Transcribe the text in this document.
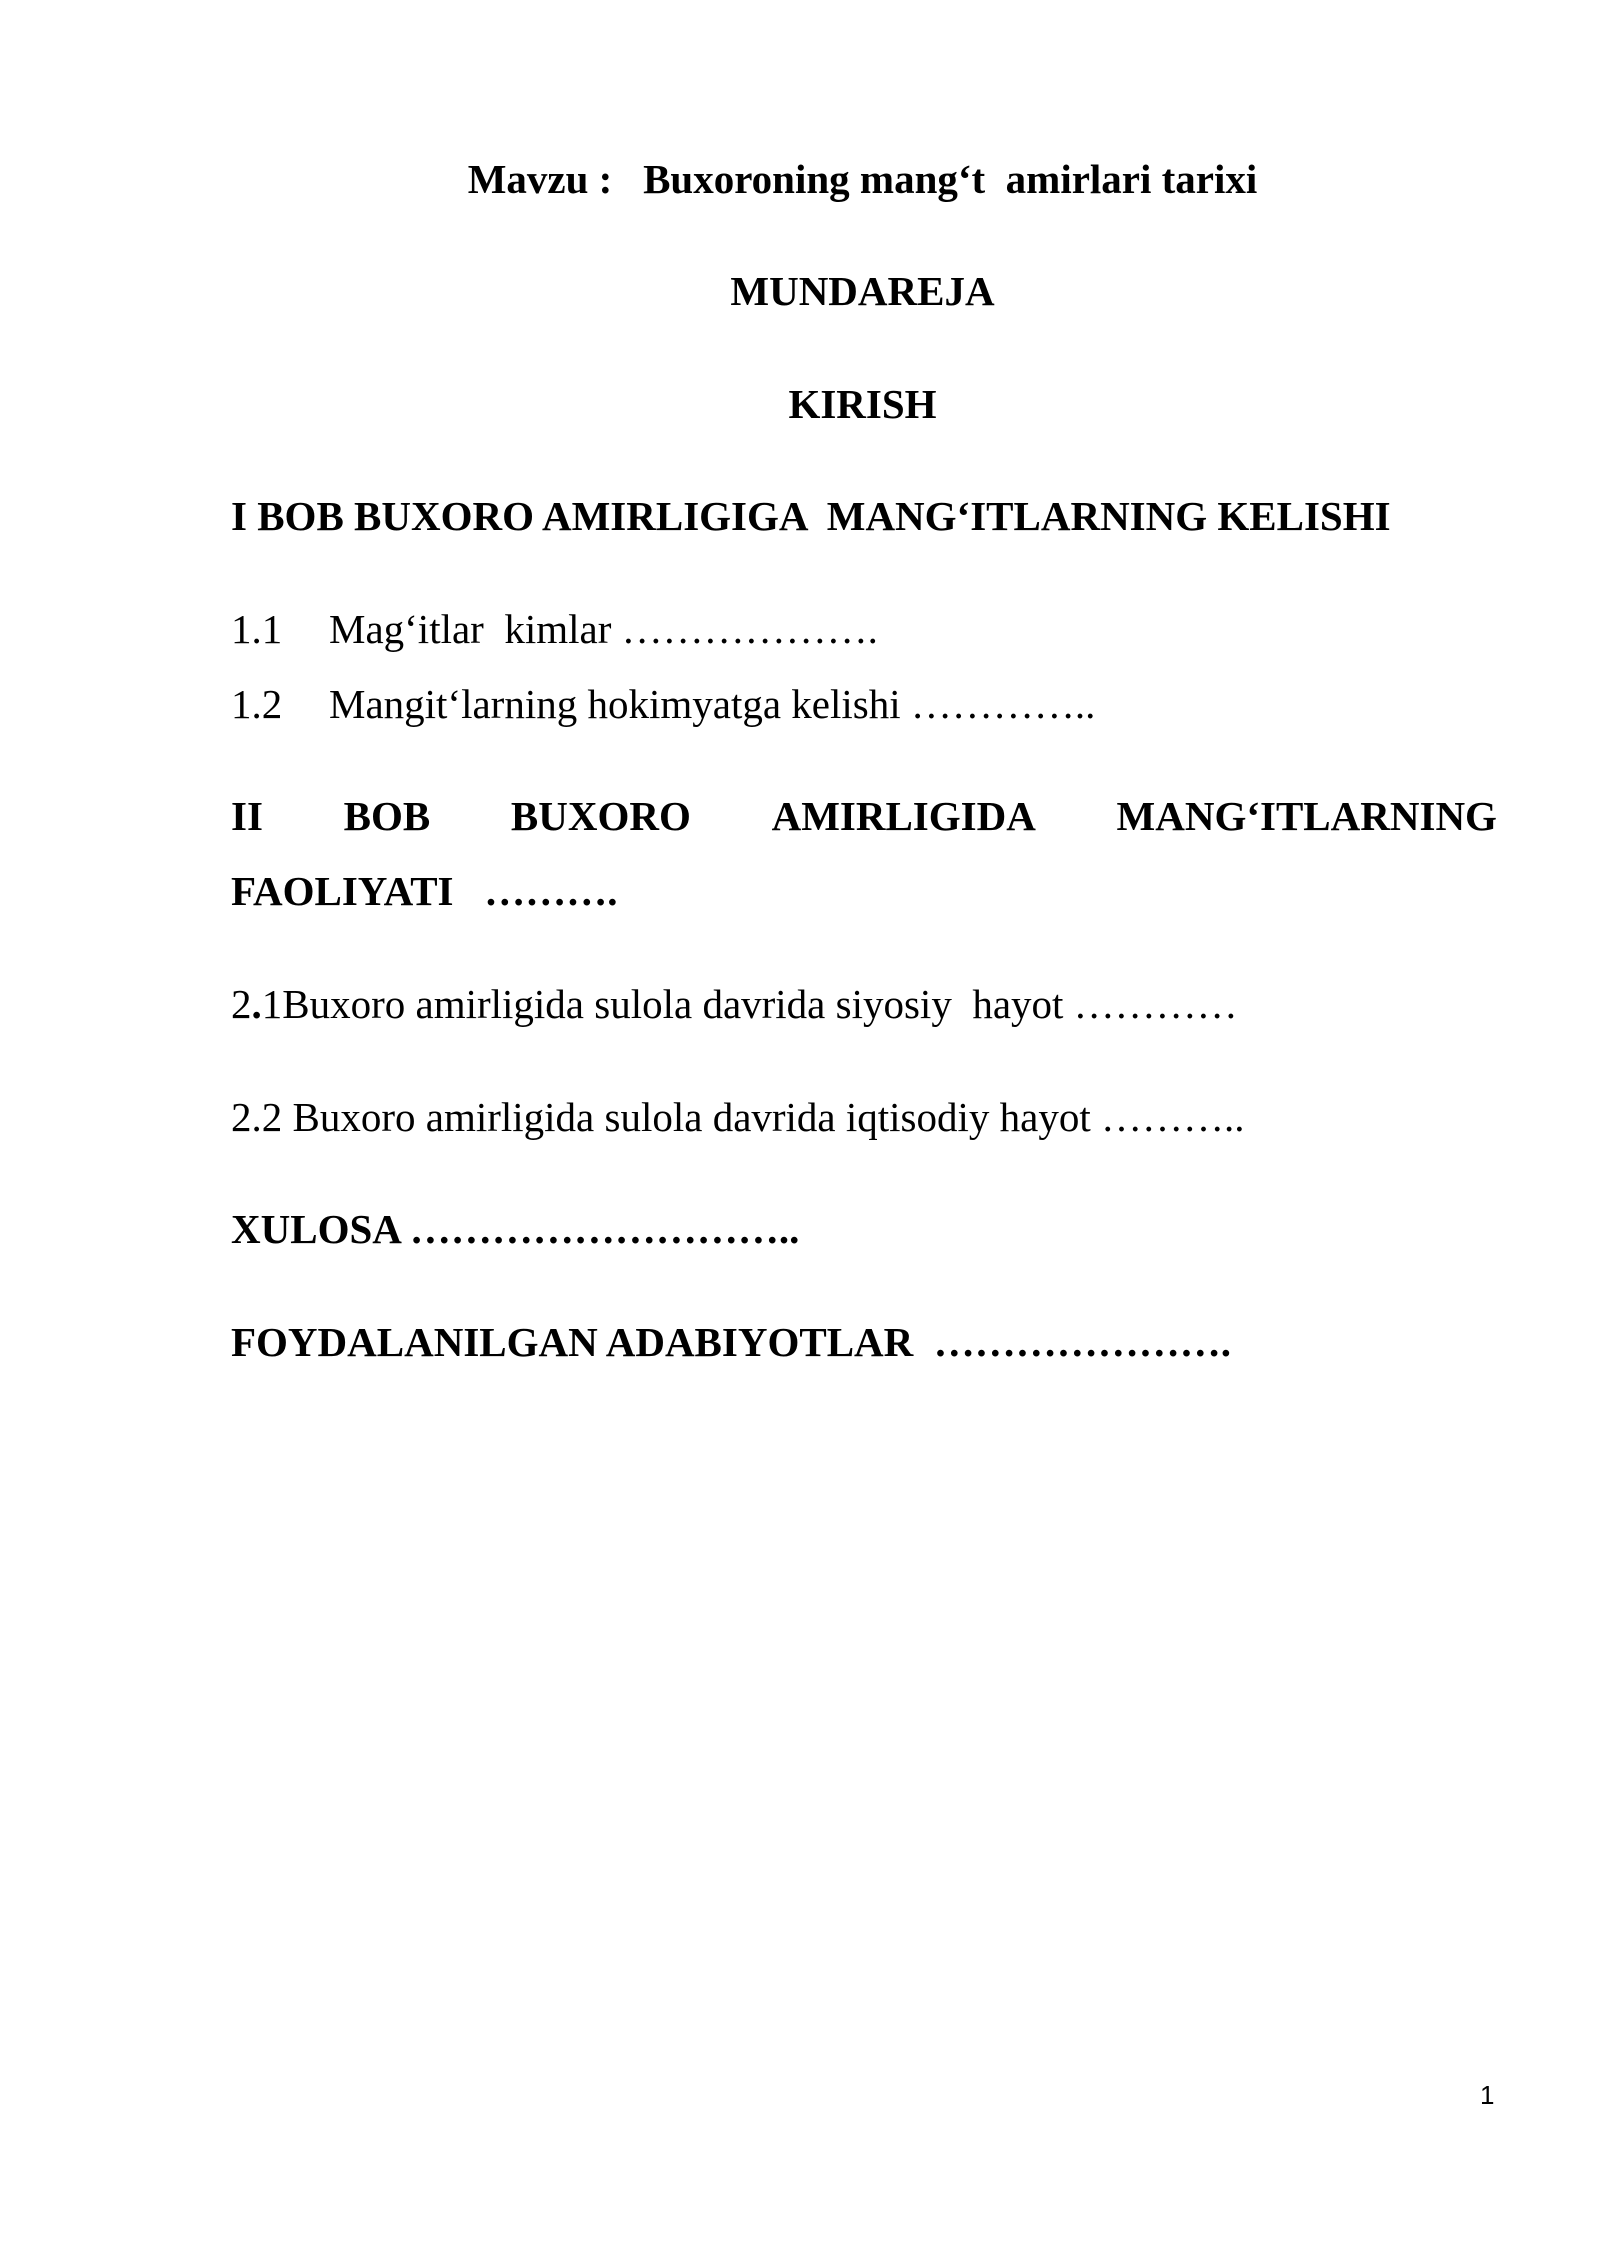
Mavzu : Buxoroning mang‘t  amirlari tarixi
MUNDAREJA
KIRISH
I BOB BUXORO AMIRLIGIGA  MANG‘ITLARNING KELISHI
1.1 Mag‘itlar  kimlar ……………….
1.2 Mangit‘larning hokimyatga kelishi …………..
II BOB BUXORO AMIRLIGIDA MANG‘ITLARNING
FAOLIYATI   ……….
2.1Buxoro amirligida sulola davrida siyosiy  hayot …………
2.2 Buxoro amirligida sulola davrida iqtisodiy hayot ………..
XULOSA ………………………..
FOYDALANILGAN ADABIYOTLAR  ………………….
1
